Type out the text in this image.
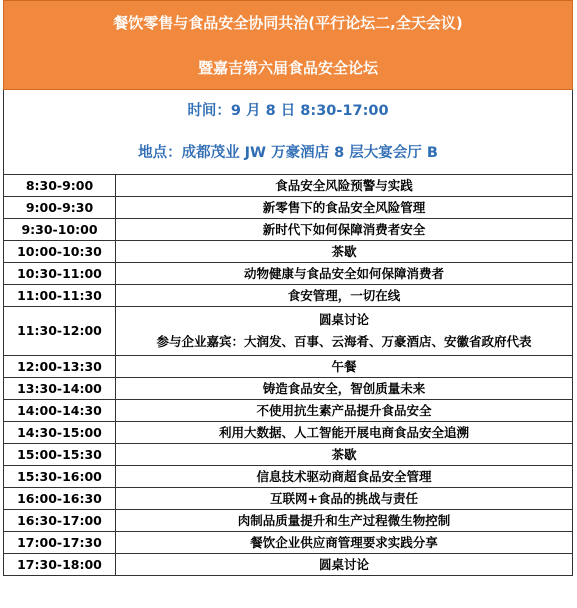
餐饮零售与食品安全协同共治(平行论坛二,全天会议)
暨嘉吉第六届食品安全论坛
时间：9 月 8 日 8:30-17:00
地点：成都茂业 JW 万豪酒店 8 层大宴会厅 B
8:30-9:00	食品安全风险预警与实践
9:00-9:30	新零售下的食品安全风险管理
9:30-10:00	新时代下如何保障消费者安全
10:00-10:30	茶歇
10:30-11:00	动物健康与食品安全如何保障消费者
11:00-11:30	食安管理，一切在线
11:30-12:00	圆桌讨论
参与企业嘉宾：大润发、百事、云海肴、万豪酒店、安徽省政府代表

12:00-13:30	午餐
13:30-14:00	铸造食品安全，智创质量未来
14:00-14:30	不使用抗生素产品提升食品安全
14:30-15:00	利用大数据、人工智能开展电商食品安全追溯
15:00-15:30	茶歇
15:30-16:00	信息技术驱动商超食品安全管理
16:00-16:30	互联网+食品的挑战与责任
16:30-17:00	肉制品质量提升和生产过程微生物控制
17:00-17:30	餐饮企业供应商管理要求实践分享
17:30-18:00	圆桌讨论
